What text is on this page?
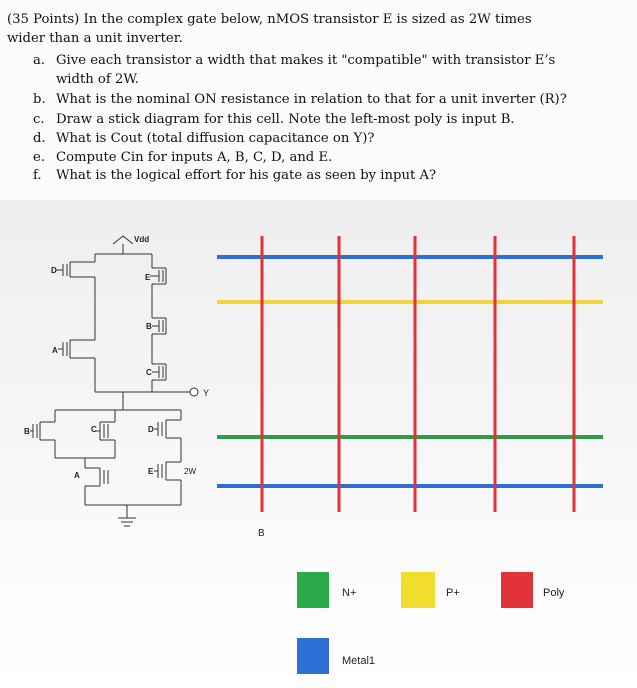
(35 Points) In the complex gate below, nMOS transistor E is sized as 2W times
wider than a unit inverter.
a. Give each transistor a width that makes it "compatible" with transistor E’s
width of 2W.
b. What is the nominal ON resistance in relation to that for a unit inverter (R)?
c. Draw a stick diagram for this cell. Note the left-most poly is input B.
d. What is Cout (total diffusion capacitance on Y)?
e. Compute Cin for inputs A, B, C, D, and E.
f. What is the logical effort for his gate as seen by input A?
Vdd
Y
D
A
E
B
C
B	C
A
D
E	2W
B
N+	P+	Poly
Metal1
